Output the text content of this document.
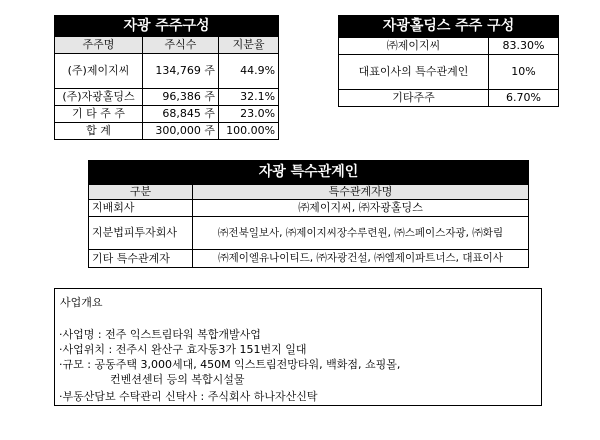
자광 주주구성		
주주명	주식수	지분율
(주)제이지씨	134,769 주	44.9%
(주)자광홀딩스	96,386 주	32.1%
기 타 주 주	68,845 주	23.0%
합 계	300,000 주	100.00%
자광홀딩스 주주 구성	
㈜제이지씨	83.30%
대표이사의 특수관계인	10%
기타주주	6.70%
자광 특수관계인	
구분	특수관계자명
지배회사	㈜제이지씨, ㈜자광홀딩스
지분법피투자회사	㈜전북일보사, ㈜제이지씨장수루련원, ㈜스페이스자광, ㈜화림
기타 특수관계자	㈜제이엘유나이티드, ㈜자광건설, ㈜엠제이파트너스, 대표이사
사업개요
·사업명 : 전주 익스트림타워 복합개발사업
·사업위치 : 전주시 완산구 효자동3가 151번지 일대
·규모 : 공동주택 3,000세대, 450M 익스트림전망타워, 백화점, 쇼핑몰,
컨벤션센터 등의 복합시설물
·부동산담보 수탁관리 신탁사 : 주식회사 하나자산신탁
